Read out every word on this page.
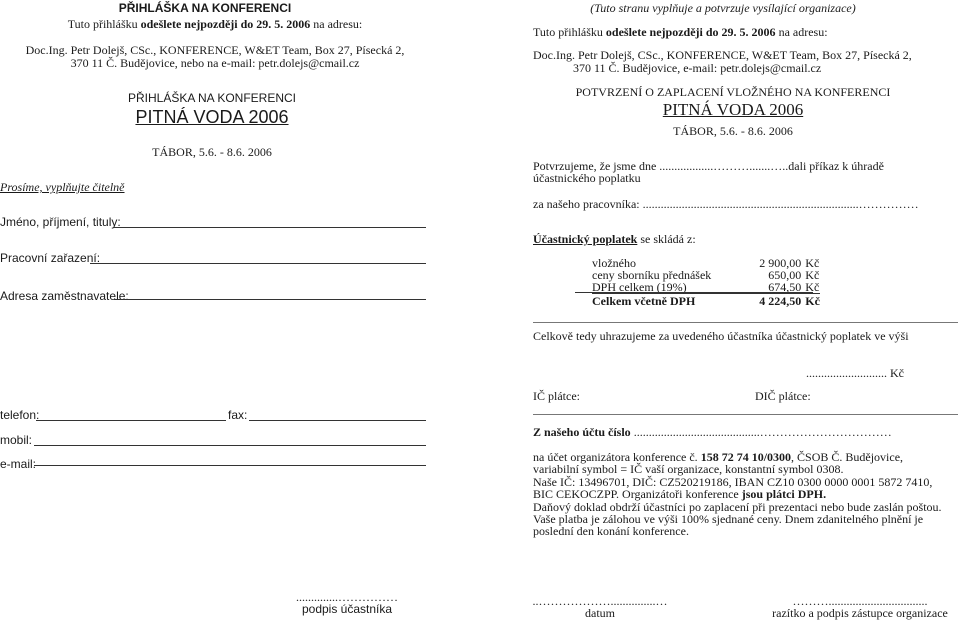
PŘIHLÁŠKA NA KONFERENCI
Tuto přihlášku odešlete nejpozději do 29. 5. 2006 na adresu:
Doc.Ing. Petr Dolejš, CSc., KONFERENCE, W&ET Team, Box 27, Písecká 2,
370 11 Č. Budějovice, nebo na e-mail: petr.dolejs@cmail.cz
PŘIHLÁŠKA NA KONFERENCI
PITNÁ VODA 2006
TÁBOR, 5.6. - 8.6. 2006
Prosíme, vyplňujte čitelně
Jméno, příjmení, tituly:
Pracovní zařazení:
Adresa zaměstnavatele:
telefon:	fax:
mobil:
e-mail:
..............……………
podpis účastníka
(Tuto stranu vyplňuje a potvrzuje vysílající organizace)
Tuto přihlášku odešlete nejpozději do 29. 5. 2006 na adresu:
Doc.Ing. Petr Dolejš, CSc., KONFERENCE, W&ET Team, Box 27, Písecká 2,
370 11 Č. Budějovice, e-mail: petr.dolejs@cmail.cz
POTVRZENÍ O ZAPLACENÍ VLOŽNÉHO NA KONFERENCI
PITNÁ VODA 2006
TÁBOR, 5.6. - 8.6. 2006
Potvrzujeme, že jsme dne ..................……….......…..dali příkaz k úhradě
účastnického poplatku
za našeho pracovníka: ........................................................................……………
Účastnický poplatek se skládá z:
vložného	2 900,00	Kč
ceny sborníku přednášek	650,00	Kč
DPH celkem (19%)	674,50	Kč
Celkem včetně DPH	4 224,50	Kč
Celkově tedy uhrazujeme za uvedeného účastníka účastnický poplatek ve výši
........................... Kč
IČ plátce:	DIČ plátce:
Z našeho účtu číslo ..........................................……………………………
na účet organizátora konference č. 158 72 74 10/0300, ČSOB Č. Budějovice, variabilní symbol = IČ vaší organizace, konstantní symbol 0308.
Naše IČ: 13496701, DIČ: CZ520219186, IBAN CZ10 0300 0000 0001 5872 7410, BIC CEKOCZPP. Organizátoři konference jsou plátci DPH.
Daňový doklad obdrží účastníci po zaplacení při prezentaci nebo bude zaslán poštou. Vaše platba je zálohou ve výši 100% sjednané ceny. Dnem zdanitelného plnění je poslední den konání konference.
..………………...............…
datum
……….................................
razítko a podpis zástupce organizace
